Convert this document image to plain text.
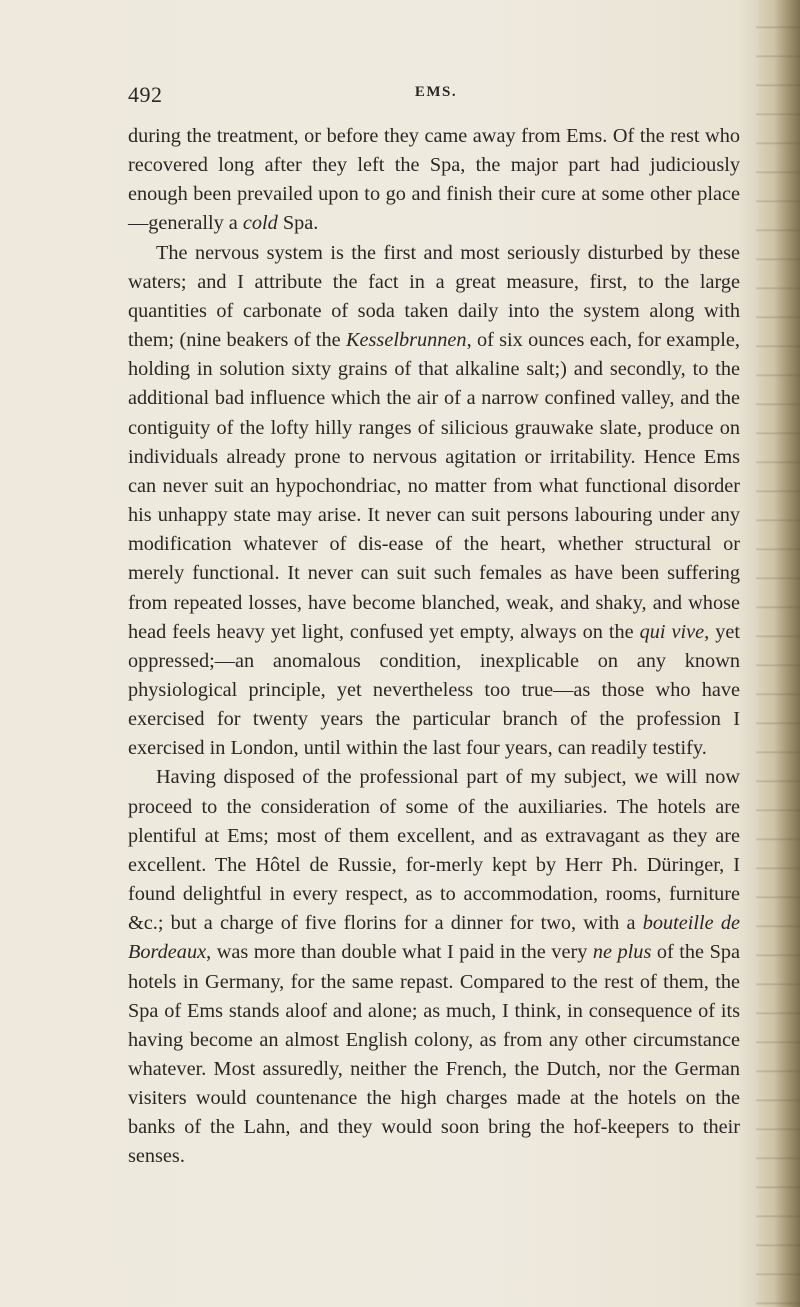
492	EMS.

during the treatment, or before they came away from Ems. Of the rest who recovered long after they left the Spa, the major part had judiciously enough been prevailed upon to go and finish their cure at some other place—generally a cold Spa.

The nervous system is the first and most seriously disturbed by these waters; and I attribute the fact in a great measure, first, to the large quantities of carbonate of soda taken daily into the system along with them; (nine beakers of the Kesselbrunnen, of six ounces each, for example, holding in solution sixty grains of that alkaline salt;) and secondly, to the additional bad influence which the air of a narrow confined valley, and the contiguity of the lofty hilly ranges of silicious grauwake slate, produce on individuals already prone to nervous agitation or irritability. Hence Ems can never suit an hypochondriac, no matter from what functional disorder his unhappy state may arise. It never can suit persons labouring under any modification whatever of dis-ease of the heart, whether structural or merely functional. It never can suit such females as have been suffering from repeated losses, have become blanched, weak, and shaky, and whose head feels heavy yet light, confused yet empty, always on the qui vive, yet oppressed;—an anomalous condition, inexplicable on any known physiological principle, yet nevertheless too true—as those who have exercised for twenty years the particular branch of the profession I exercised in London, until within the last four years, can readily testify.

Having disposed of the professional part of my subject, we will now proceed to the consideration of some of the auxiliaries. The hotels are plentiful at Ems; most of them excellent, and as extravagant as they are excellent. The Hôtel de Russie, for-merly kept by Herr Ph. Düringer, I found delightful in every respect, as to accommodation, rooms, furniture &c.; but a charge of five florins for a dinner for two, with a bouteille de Bordeaux, was more than double what I paid in the very ne plus of the Spa hotels in Germany, for the same repast. Compared to the rest of them, the Spa of Ems stands aloof and alone; as much, I think, in consequence of its having become an almost English colony, as from any other circumstance whatever. Most assuredly, neither the French, the Dutch, nor the German visiters would countenance the high charges made at the hotels on the banks of the Lahn, and they would soon bring the hof-keepers to their senses.
